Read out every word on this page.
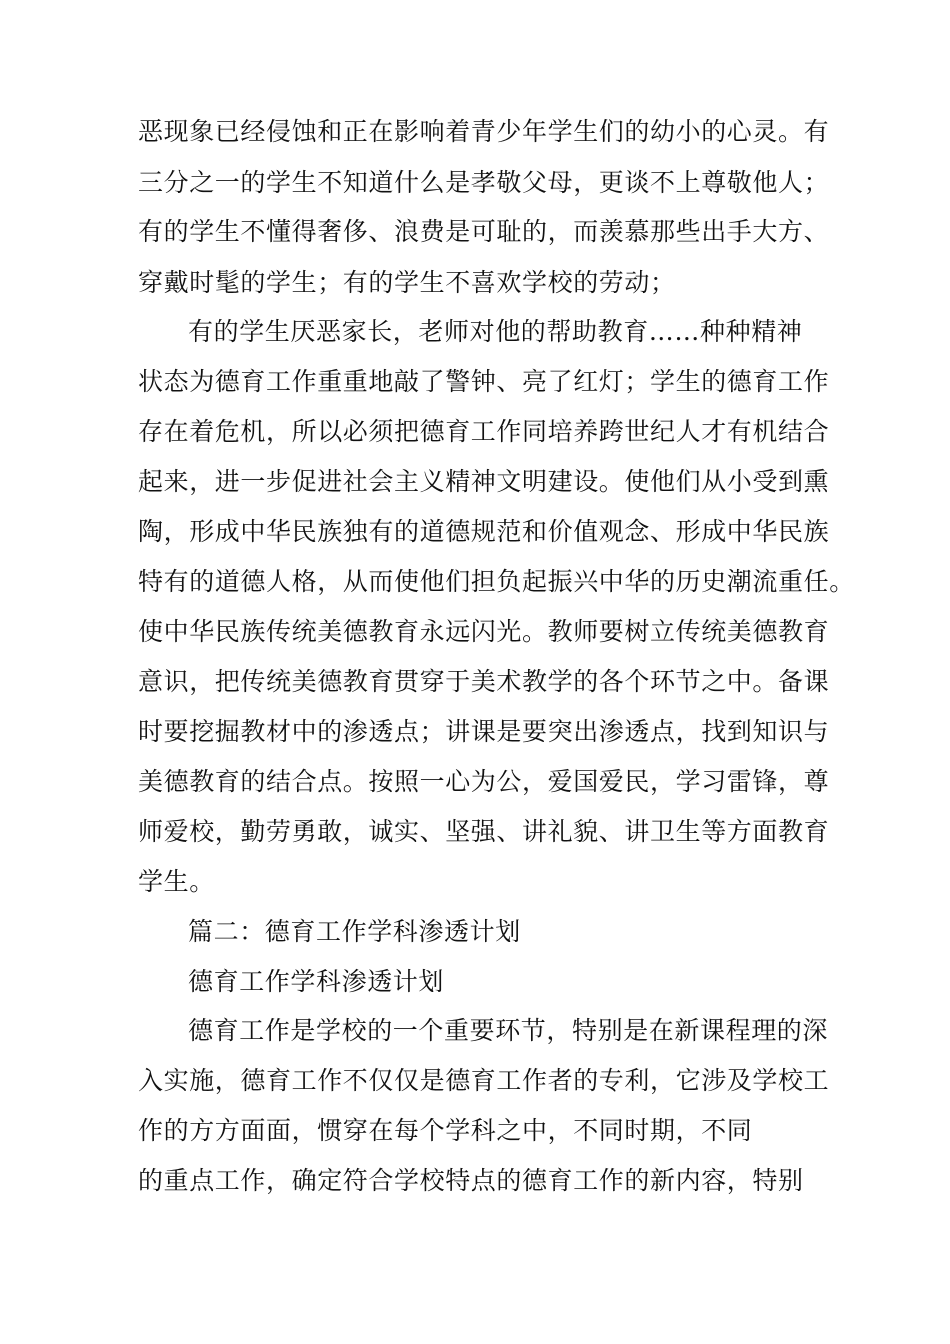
恶现象已经侵蚀和正在影响着青少年学生们的幼小的心灵。有

三分之一的学生不知道什么是孝敬父母，更谈不上尊敬他人；

有的学生不懂得奢侈、浪费是可耻的，而羡慕那些出手大方、

穿戴时髦的学生；有的学生不喜欢学校的劳动；

有的学生厌恶家长，老师对他的帮助教育……种种精神

状态为德育工作重重地敲了警钟、亮了红灯；学生的德育工作

存在着危机，所以必须把德育工作同培养跨世纪人才有机结合

起来，进一步促进社会主义精神文明建设。使他们从小受到熏

陶，形成中华民族独有的道德规范和价值观念、形成中华民族

特有的道德人格，从而使他们担负起振兴中华的历史潮流重任。

使中华民族传统美德教育永远闪光。教师要树立传统美德教育

意识，把传统美德教育贯穿于美术教学的各个环节之中。备课

时要挖掘教材中的渗透点；讲课是要突出渗透点，找到知识与

美德教育的结合点。按照一心为公，爱国爱民，学习雷锋，尊

师爱校，勤劳勇敢，诚实、坚强、讲礼貌、讲卫生等方面教育

学生。

篇二：德育工作学科渗透计划

德育工作学科渗透计划

德育工作是学校的一个重要环节，特别是在新课程理的深

入实施，德育工作不仅仅是德育工作者的专利，它涉及学校工

作的方方面面，惯穿在每个学科之中，不同时期，不同

的重点工作，确定符合学校特点的德育工作的新内容，特别
